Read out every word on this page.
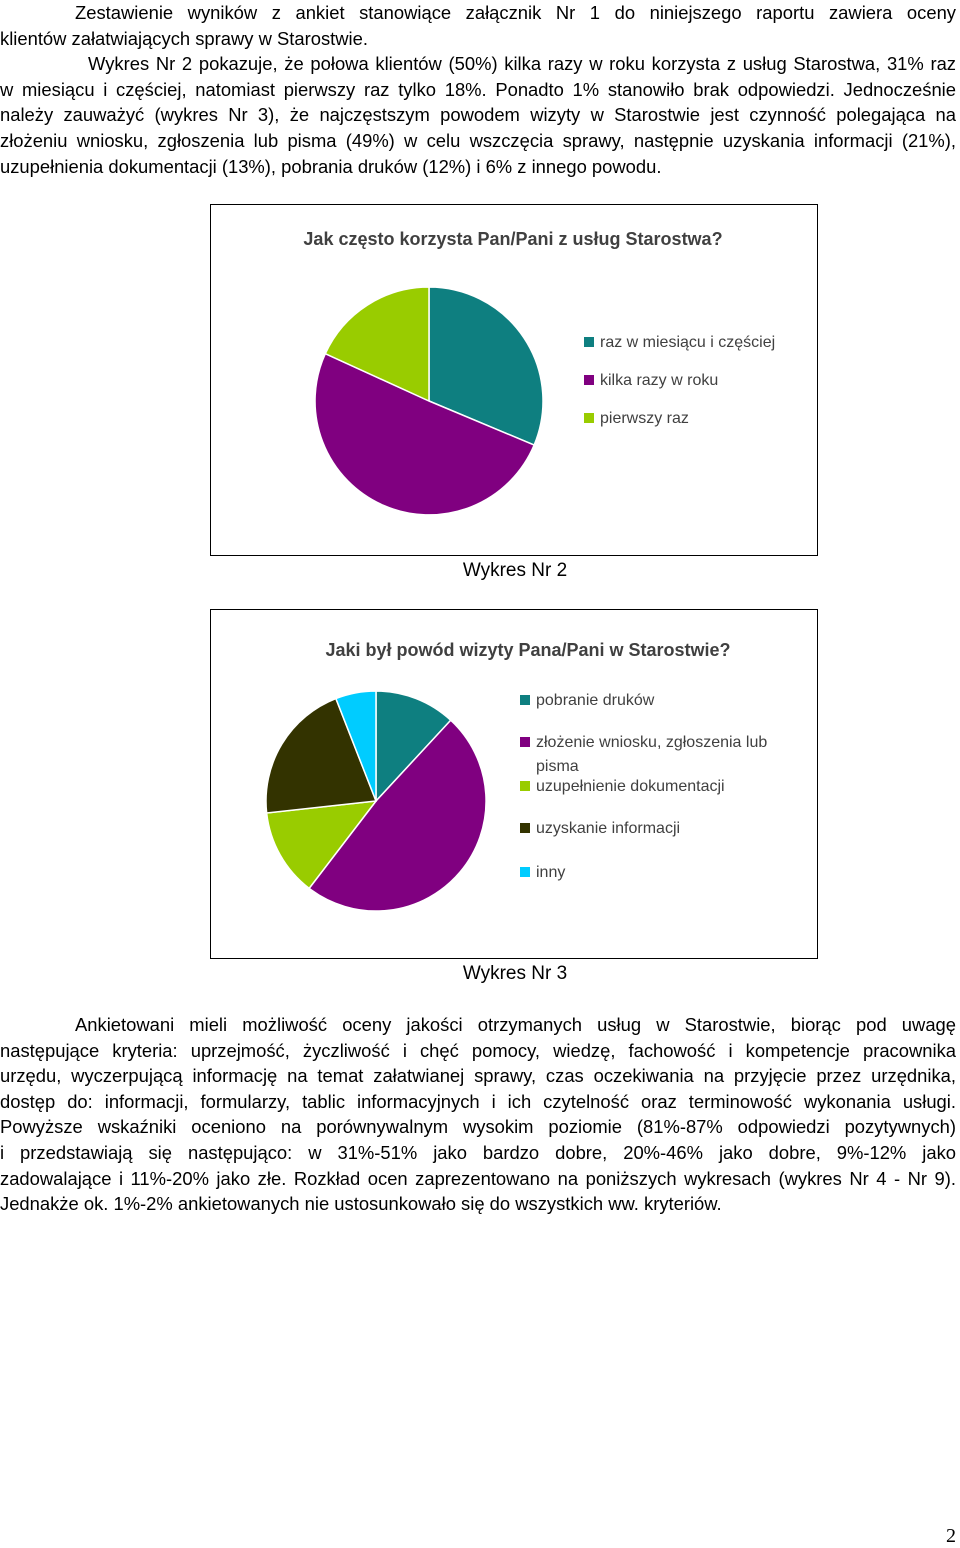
Zestawienie wyników z ankiet stanowiące załącznik Nr 1 do niniejszego raportu zawiera oceny
klientów załatwiających sprawy w Starostwie.
Wykres Nr 2 pokazuje, że połowa klientów (50%) kilka razy w roku korzysta z usług Starostwa, 31% raz
w miesiącu i częściej, natomiast pierwszy raz tylko 18%. Ponadto 1% stanowiło brak odpowiedzi. Jednocześnie
należy zauważyć (wykres Nr 3), że najczęstszym powodem wizyty w Starostwie jest czynność polegająca na
złożeniu wniosku, zgłoszenia lub pisma (49%) w celu wszczęcia sprawy, następnie uzyskania informacji (21%),
uzupełnienia dokumentacji (13%), pobrania druków (12%) i 6% z innego powodu.
Jak często korzysta Pan/Pani z usług Starostwa?
raz w miesiącu i częściej
kilka razy w roku
pierwszy raz
Wykres Nr 2
Jaki był powód wizyty Pana/Pani w Starostwie?
pobranie druków
złożenie wniosku, zgłoszenia lub
pisma
uzupełnienie dokumentacji
uzyskanie informacji
inny
Wykres Nr 3
Ankietowani mieli możliwość oceny jakości otrzymanych usług w Starostwie, biorąc pod uwagę
następujące kryteria: uprzejmość, życzliwość i chęć pomocy, wiedzę, fachowość i kompetencje pracownika
urzędu, wyczerpującą informację na temat załatwianej sprawy, czas oczekiwania na przyjęcie przez urzędnika,
dostęp do: informacji, formularzy, tablic informacyjnych i ich czytelność oraz terminowość wykonania usługi.
Powyższe wskaźniki oceniono na porównywalnym wysokim poziomie (81%-87% odpowiedzi pozytywnych)
i przedstawiają się następująco: w 31%-51% jako bardzo dobre, 20%-46% jako dobre, 9%-12% jako
zadowalające i 11%-20% jako złe. Rozkład ocen zaprezentowano na poniższych wykresach (wykres Nr 4 - Nr 9).
Jednakże ok. 1%-2% ankietowanych nie ustosunkowało się do wszystkich ww. kryteriów.
2
